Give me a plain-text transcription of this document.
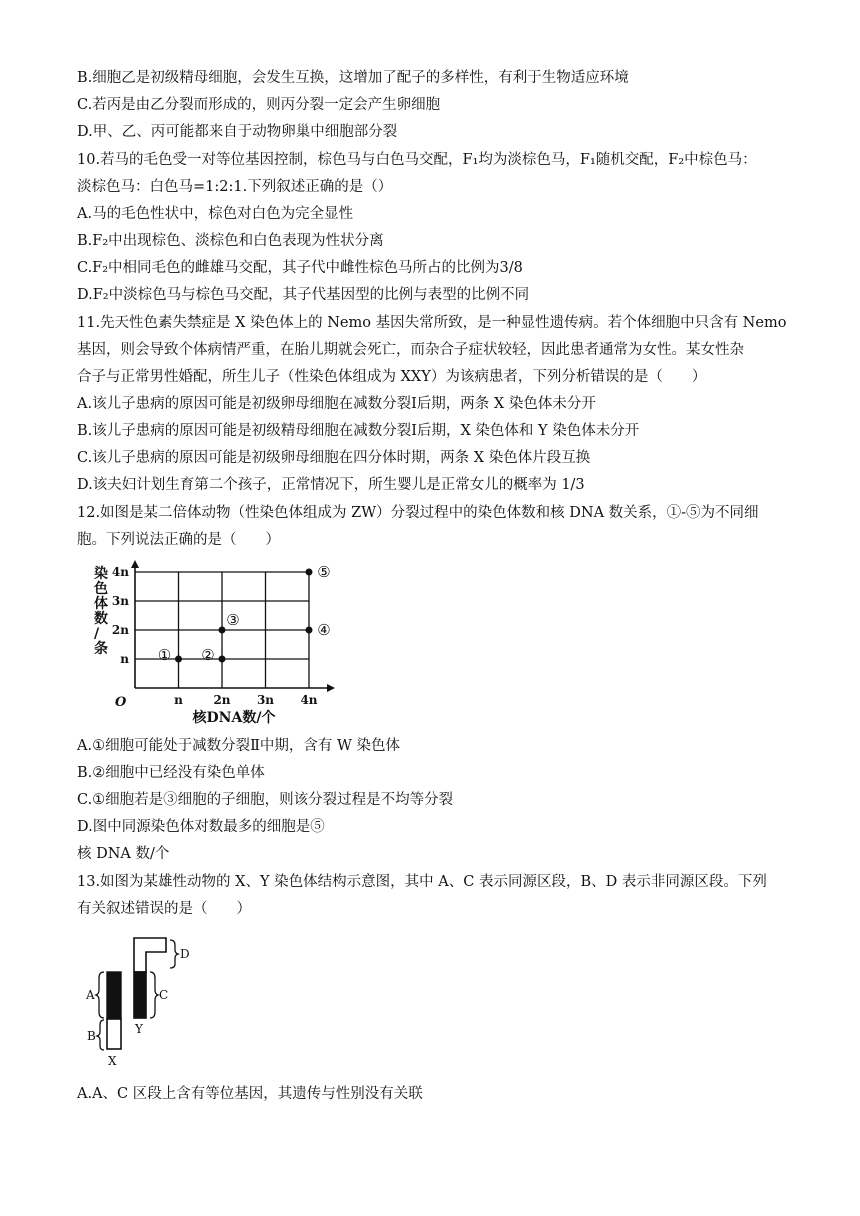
B.细胞乙是初级精母细胞，会发生互换，这增加了配子的多样性，有利于生物适应环境
C.若丙是由乙分裂而形成的，则丙分裂一定会产生卵细胞
D.甲、乙、丙可能都来自于动物卵巢中细胞部分裂
10.若马的毛色受一对等位基因控制，棕色马与白色马交配，F₁均为淡棕色马，F₁随机交配，F₂中棕色马：
淡棕色马：白色马=1:2:1.下列叙述正确的是（）
A.马的毛色性状中，棕色对白色为完全显性
B.F₂中出现棕色、淡棕色和白色表现为性状分离
C.F₂中相同毛色的雌雄马交配，其子代中雌性棕色马所占的比例为3/8
D.F₂中淡棕色马与棕色马交配，其子代基因型的比例与表型的比例不同
11.先天性色素失禁症是 X 染色体上的 Nemo 基因失常所致，是一种显性遗传病。若个体细胞中只含有 Nemo
基因，则会导致个体病情严重，在胎儿期就会死亡，而杂合子症状较轻，因此患者通常为女性。某女性杂
合子与正常男性婚配，所生儿子（性染色体组成为 XXY）为该病患者，下列分析错误的是（　　）
A.该儿子患病的原因可能是初级卵母细胞在减数分裂Ⅰ后期，两条 X 染色体未分开
B.该儿子患病的原因可能是初级精母细胞在减数分裂Ⅰ后期，X 染色体和 Y 染色体未分开
C.该儿子患病的原因可能是初级卵母细胞在四分体时期，两条 X 染色体片段互换
D.该夫妇计划生育第二个孩子，正常情况下，所生婴儿是正常女儿的概率为 1/3
12.如图是某二倍体动物（性染色体组成为 ZW）分裂过程中的染色体数和核 DNA 数关系，①-⑤为不同细
胞。下列说法正确的是（　　）
n	2n 3n 4n
n
2n
3n
4n
O
核DNA数/个
染色体数/条	① ②
③
④
⑤
A.①细胞可能处于减数分裂Ⅱ中期，含有 W 染色体
B.②细胞中已经没有染色单体
C.①细胞若是③细胞的子细胞，则该分裂过程是不均等分裂
D.图中同源染色体对数最多的细胞是⑤
核 DNA 数/个
13.如图为某雄性动物的 X、Y 染色体结构示意图，其中 A、C 表示同源区段，B、D 表示非同源区段。下列
有关叙述错误的是（　　）
D
C
A
B	Y
X
A.A、C 区段上含有等位基因，其遗传与性别没有关联
